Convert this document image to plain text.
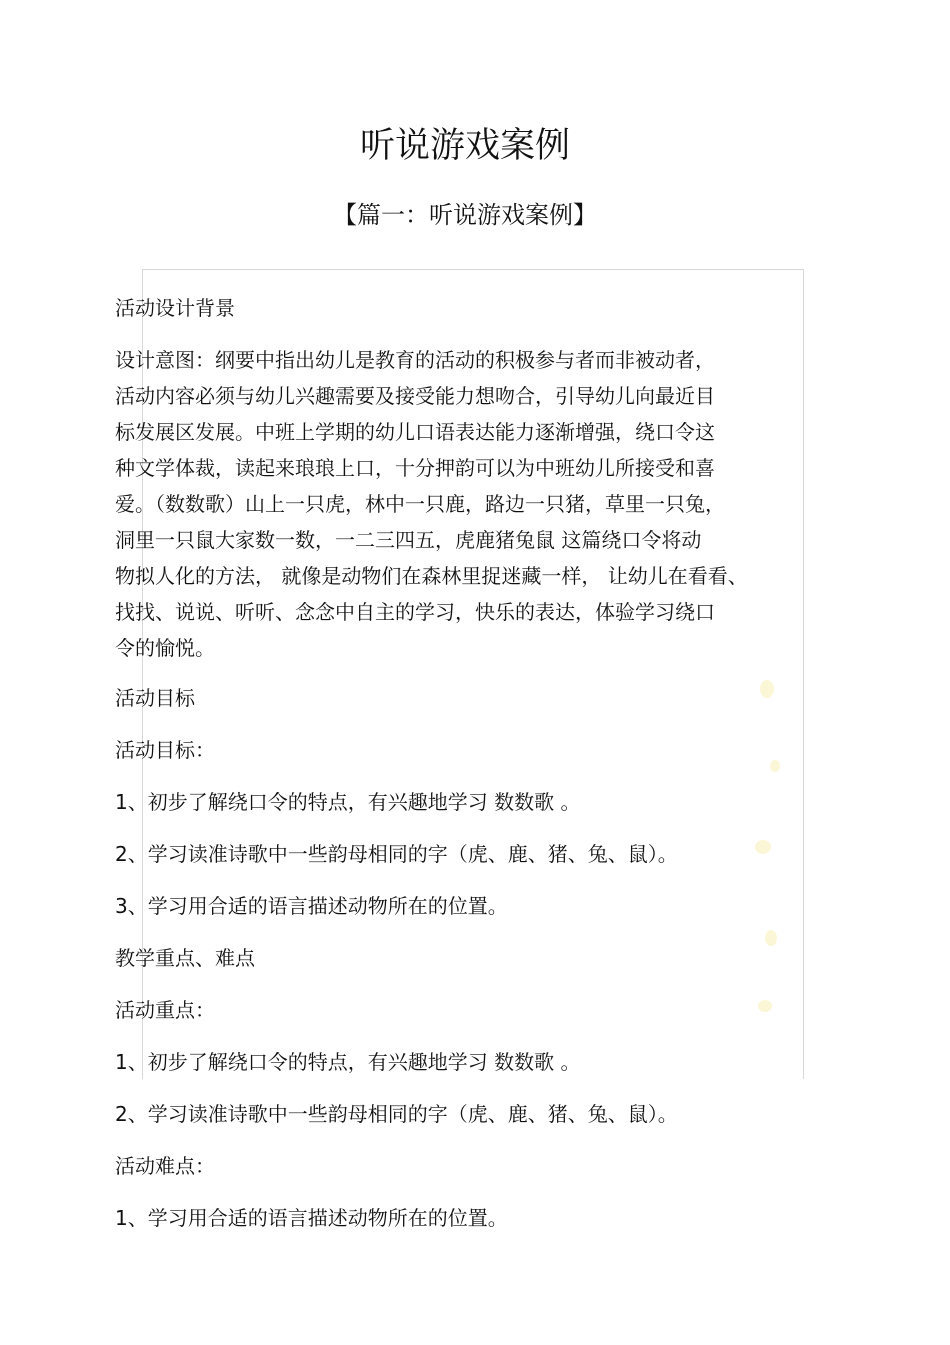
听说游戏案例
【篇一：听说游戏案例】
活动设计背景
设计意图：纲要中指出幼儿是教育的活动的积极参与者而非被动者，
活动内容必须与幼儿兴趣需要及接受能力想吻合，引导幼儿向最近目
标发展区发展。中班上学期的幼儿口语表达能力逐渐增强，绕口令这
种文学体裁，读起来琅琅上口，十分押韵可以为中班幼儿所接受和喜
爱。（数数歌）山上一只虎，林中一只鹿，路边一只猪，草里一只兔，
洞里一只鼠大家数一数，一二三四五，虎鹿猪兔鼠 这篇绕口令将动
物拟人化的方法， 就像是动物们在森林里捉迷藏一样， 让幼儿在看看、
找找、说说、听听、念念中自主的学习，快乐的表达，体验学习绕口
令的愉悦。
活动目标
活动目标：
1、初步了解绕口令的特点，有兴趣地学习 数数歌 。
2、学习读准诗歌中一些韵母相同的字（虎、鹿、猪、兔、鼠）。
3、学习用合适的语言描述动物所在的位置。
教学重点、难点
活动重点：
1、初步了解绕口令的特点，有兴趣地学习 数数歌 。
2、学习读准诗歌中一些韵母相同的字（虎、鹿、猪、兔、鼠）。
活动难点：
1、学习用合适的语言描述动物所在的位置。
